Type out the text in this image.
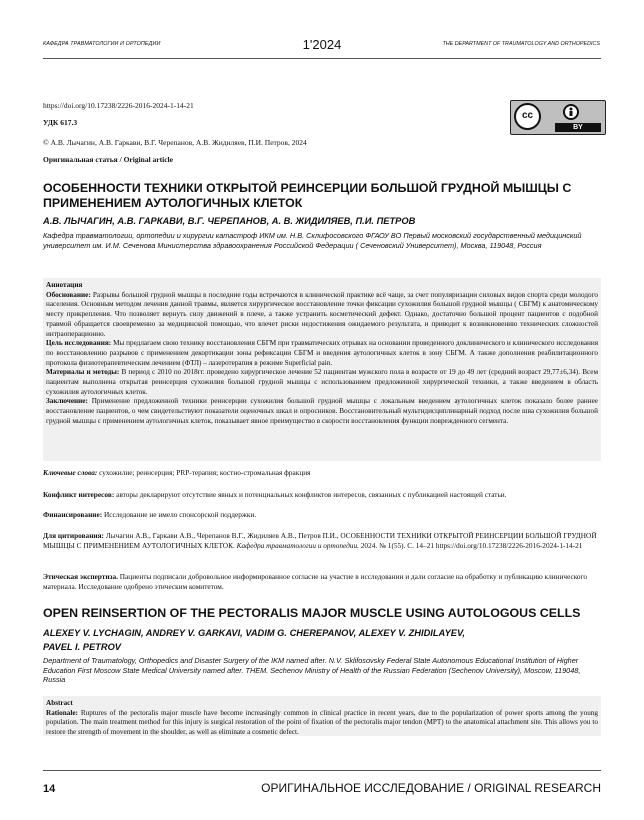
КАФЕДРА ТРАВМАТОЛОГИИ И ОРТОПЕДИИ	1'2024	THE DEPARTMENT OF TRAUMATOLOGY AND ORTHOPEDICS
https://doi.org/10.17238/2226-2016-2024-1-14-21
УДК 617.3
© А.В. Лычагин, А.В. Гаркави, В.Г. Черепанов, А.В. Жидиляев, П.И. Петров, 2024
Оригинальная статья / Original article
cc
BY
ОСОБЕННОСТИ ТЕХНИКИ ОТКРЫТОЙ РЕИНСЕРЦИИ БОЛЬШОЙ ГРУДНОЙ МЫШЦЫ С ПРИМЕНЕНИЕМ АУТОЛОГИЧНЫХ КЛЕТОК
А.В. ЛЫЧАГИН, А.В. ГАРКАВИ, В.Г. ЧЕРЕПАНОВ, А. В. ЖИДИЛЯЕВ, П.И. ПЕТРОВ
Кафедра травматологии, ортопедии и хирургии катастроф ИКМ им. Н.В. Склифосовского ФГАОУ ВО Первый московский государственный медицинский университет им. И.М. Сеченова Министерства здравоохранения Российской Федерации ( Сеченовский Университет), Москва, 119048, Россия

Аннотация

Обоснование: Разрывы большой грудной мышцы в последние годы встречаются в клинической практике всё чаще, за счет популяризации силовых видов спорта среди молодого населения. Основным методом лечения данной травмы, является хирургическое восстановление точки фиксации сухожилия большой грудной мышцы ( СБГМ) к анатомическому месту прикрепления. Что позволяет вернуть силу движений в плече, а также устранить косметический дефект. Однако, достаточно большой процент пациентов с подобной травмой обращается своевременно за медицинской помощью, что влечет риски недостижения ожидаемого результата, и приводит к возникновению технических сложностей интраоперационно.

Цель исследования: Мы предлагаем свою технику восстановления СБГМ при травматических отрывах на основании проведенного доклинического и клинического исследования по восстановлению разрывов с применением декортикации зоны рефиксации СБГМ и введения аутологичных клеток в зону СБГМ. А также дополнения реабилитационного протокола физиотерапевтическим лечением (ФТЛ) – лазеротерапия в режиме Superficial pain.

Материалы и методы: В период с 2010 по 2018гг. проведено хирургическое лечение 52 пациентам мужского пола в возрасте от 19 до 49 лет (средний возраст 29,77±6,34). Всем пациентам выполнена открытая реинсерция сухожилия большой грудной мышцы с использованием предложенной хирургической техники, а также введением в область сухожилия аутологичных клеток.

Заключение: Применение предложенной техники реинсерции сухожилия большой грудной мышцы с локальным введением аутологичных клеток показало более раннее восстановление пациентов, о чем свидетельствуют показатели оценочных шкал и опросников. Восстановительный мультидисциплинарный подход после шва сухожилия большой грудной мышцы с применением аутологичных клеток, показывает явное преимущество в скорости восстановления функции поврежденного сегмента.

Ключевые слова: сухожилие; реинсерция; PRP-терапия; костно-стромальная фракция
Конфликт интересов: авторы декларируют отсутствие явных и потенциальных конфликтов интересов, связанных с публикацией настоящей статьи.
Финансирование: Исследование не имело спонсорской поддержки.
Для цитирования: Лычагин А.В., Гаркави А.В., Черепанов В.Г., Жидиляев А.В., Петров П.И., ОСОБЕННОСТИ ТЕХНИКИ ОТКРЫТОЙ РЕИНСЕРЦИИ БОЛЬШОЙ ГРУДНОЙ МЫШЦЫ С ПРИМЕНЕНИЕМ АУТОЛОГИЧНЫХ КЛЕТОК. Кафедра травматологии и ортопедии. 2024. № 1(55). С. 14–21 https://doi.org/10.17238/2226-2016-2024-1-14-21
Этическая экспертиза. Пациенты подписали добровольное информированное согласие на участие в исследовании и дали согласие на обработку и публикацию клинического материала. Исследование одобрено этическим комитетом.
OPEN REINSERTION OF THE PECTORALIS MAJOR MUSCLE USING AUTOLOGOUS CELLS
ALEXEY V. LYCHAGIN, ANDREY V. GARKAVI, VADIM G. CHEREPANOV, ALEXEY V. ZHIDILAYEV,
PAVEL I. PETROV
Department of Traumatology, Orthopedics and Disaster Surgery of the IKM named after. N.V. Sklifosovsky Federal State Autonomous Educational Institution of Higher Education First Moscow State Medical University named after. THEM. Sechenov Ministry of Health of the Russian Federation (Sechenov University), Moscow, 119048, Russia

Abstract

Rationale: Ruptures of the pectoralis major muscle have become increasingly common in clinical practice in recent years, due to the popularization of power sports among the young population. The main treatment method for this injury is surgical restoration of the point of fixation of the pectoralis major tendon (MPT) to the anatomical attachment site. This allows you to restore the strength of movement in the shoulder, as well as eliminate a cosmetic defect.

14	ОРИГИНАЛЬНОЕ ИССЛЕДОВАНИЕ / ORIGINAL RESEARCH
